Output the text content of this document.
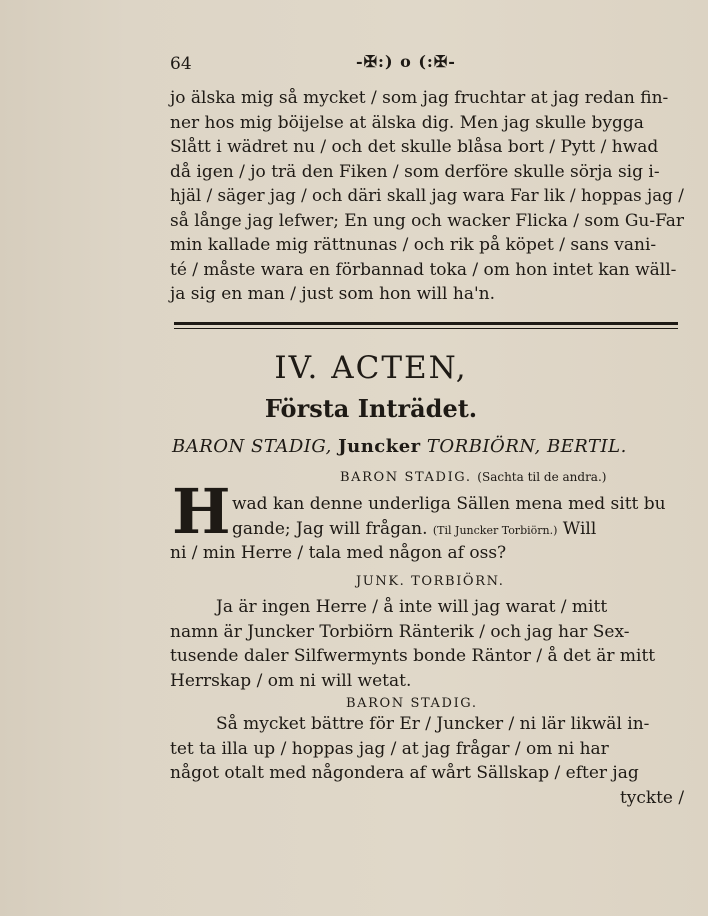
64	-✠:) o (:✠-
jo älska mig så mycket / som jag fruchtar at jag redan fin-
ner hos mig böijelse at älska dig. Men jag skulle bygga
Slått i wädret nu / och det skulle blåsa bort / Pytt / hwad
då igen / jo trä den Fiken / som derföre skulle sörja sig i-
hjäl / säger jag / och däri skall jag wara Far lik / hoppas jag /
så långe jag lefwer; En ung och wacker Flicka / som Gu-Far
min kallade mig rättnunas / och rik på köpet / sans vani-
té / måste wara en förbannad toka / om hon intet kan wäll-
ja sig en man / just som hon will ha'n.
IV. ACTEN,
Första Inträdet.
BARON STADIG, Juncker TORBIÖRN, BERTIL.
BARON STADIG. (Sachta til de andra.)
H wad kan denne underliga Sällen mena med sitt bu
gande; Jag will frågan. (Til Juncker Torbiörn.) Will
ni / min Herre / tala med någon af oss?
JUNK. TORBIÖRN.
Ja är ingen Herre / å inte will jag warat / mitt
namn är Juncker Torbiörn Ränterik / och jag har Sex-
tusende daler Silfwermynts bonde Räntor / å det är mitt
Herrskap / om ni will wetat.
BARON STADIG.
Så mycket bättre för Er / Juncker / ni lär likwäl in-
tet ta illa up / hoppas jag / at jag frågar / om ni har
något otalt med någondera af wårt Sällskap / efter jag
tyckte /
